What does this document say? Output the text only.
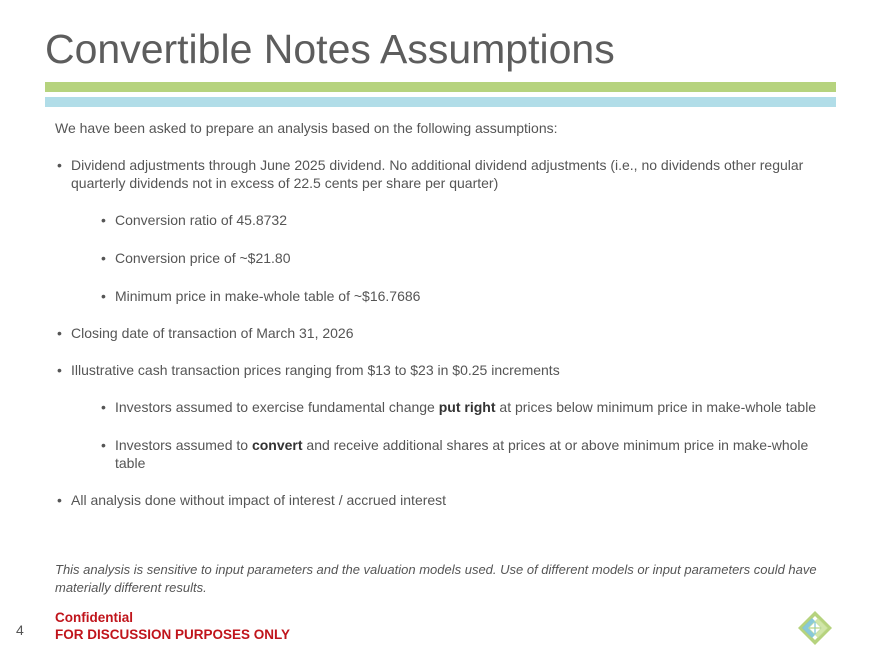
Convertible Notes Assumptions
We have been asked to prepare an analysis based on the following assumptions:
• Dividend adjustments through June 2025 dividend. No additional dividend adjustments (i.e., no dividends other regular quarterly dividends not in excess of 22.5 cents per share per quarter)
• Conversion ratio of 45.8732
• Conversion price of ~$21.80
• Minimum price in make-whole table of ~$16.7686
• Closing date of transaction of March 31, 2026
• Illustrative cash transaction prices ranging from $13 to $23 in $0.25 increments
• Investors assumed to exercise fundamental change put right at prices below minimum price in make-whole table
• Investors assumed to convert and receive additional shares at prices at or above minimum price in make-whole table
• All analysis done without impact of interest / accrued interest
This analysis is sensitive to input parameters and the valuation models used. Use of different models or input parameters could have materially different results.
Confidential
FOR DISCUSSION PURPOSES ONLY
4
